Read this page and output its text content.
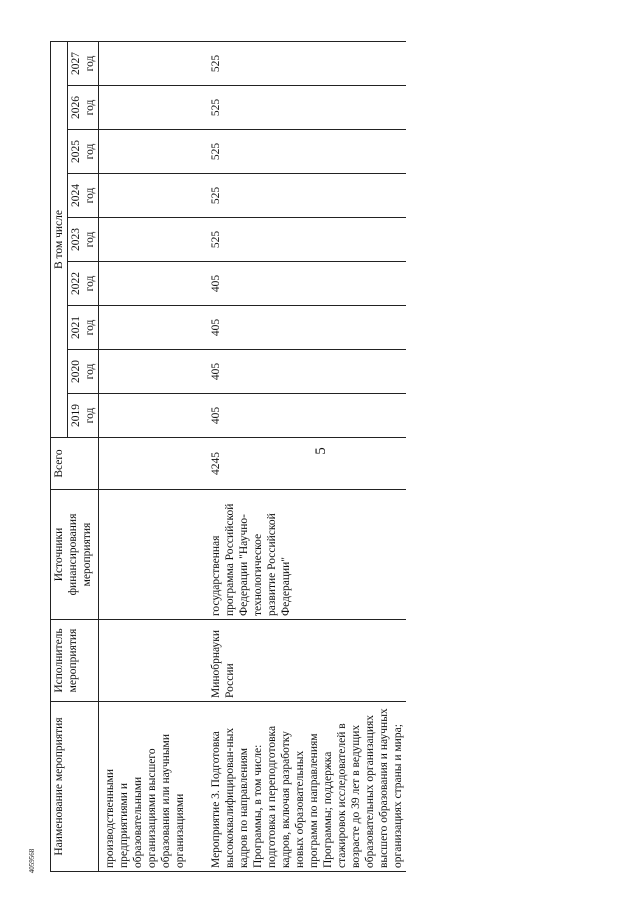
5
4059568
Наименование мероприятия	Исполнитель мероприятия	Источники финансирования мероприятия	Всего	В том числе								
				2019 год	2020 год	2021 год	2022 год	2023 год	2024 год	2025 год	2026 год	2027 год
производственными предприятиями и образовательными организациями высшего образования или научными организациями												
Мероприятие 3. Подготовка высококвалифицирован-ных кадров по направлениям Программы, в том числе: подготовка и переподготовка кадров, включая разработку новых образовательных программ по направлениям Программы; поддержка стажировок исследователей в возрасте до 39 лет в ведущих образовательных организациях высшего образования и научных организациях страны и мира;	Минобрнауки России	государственная программа Российской Федерации "Научно-технологическое развитие Российской Федерации"	4245	405	405	405	405	525	525	525	525	525
